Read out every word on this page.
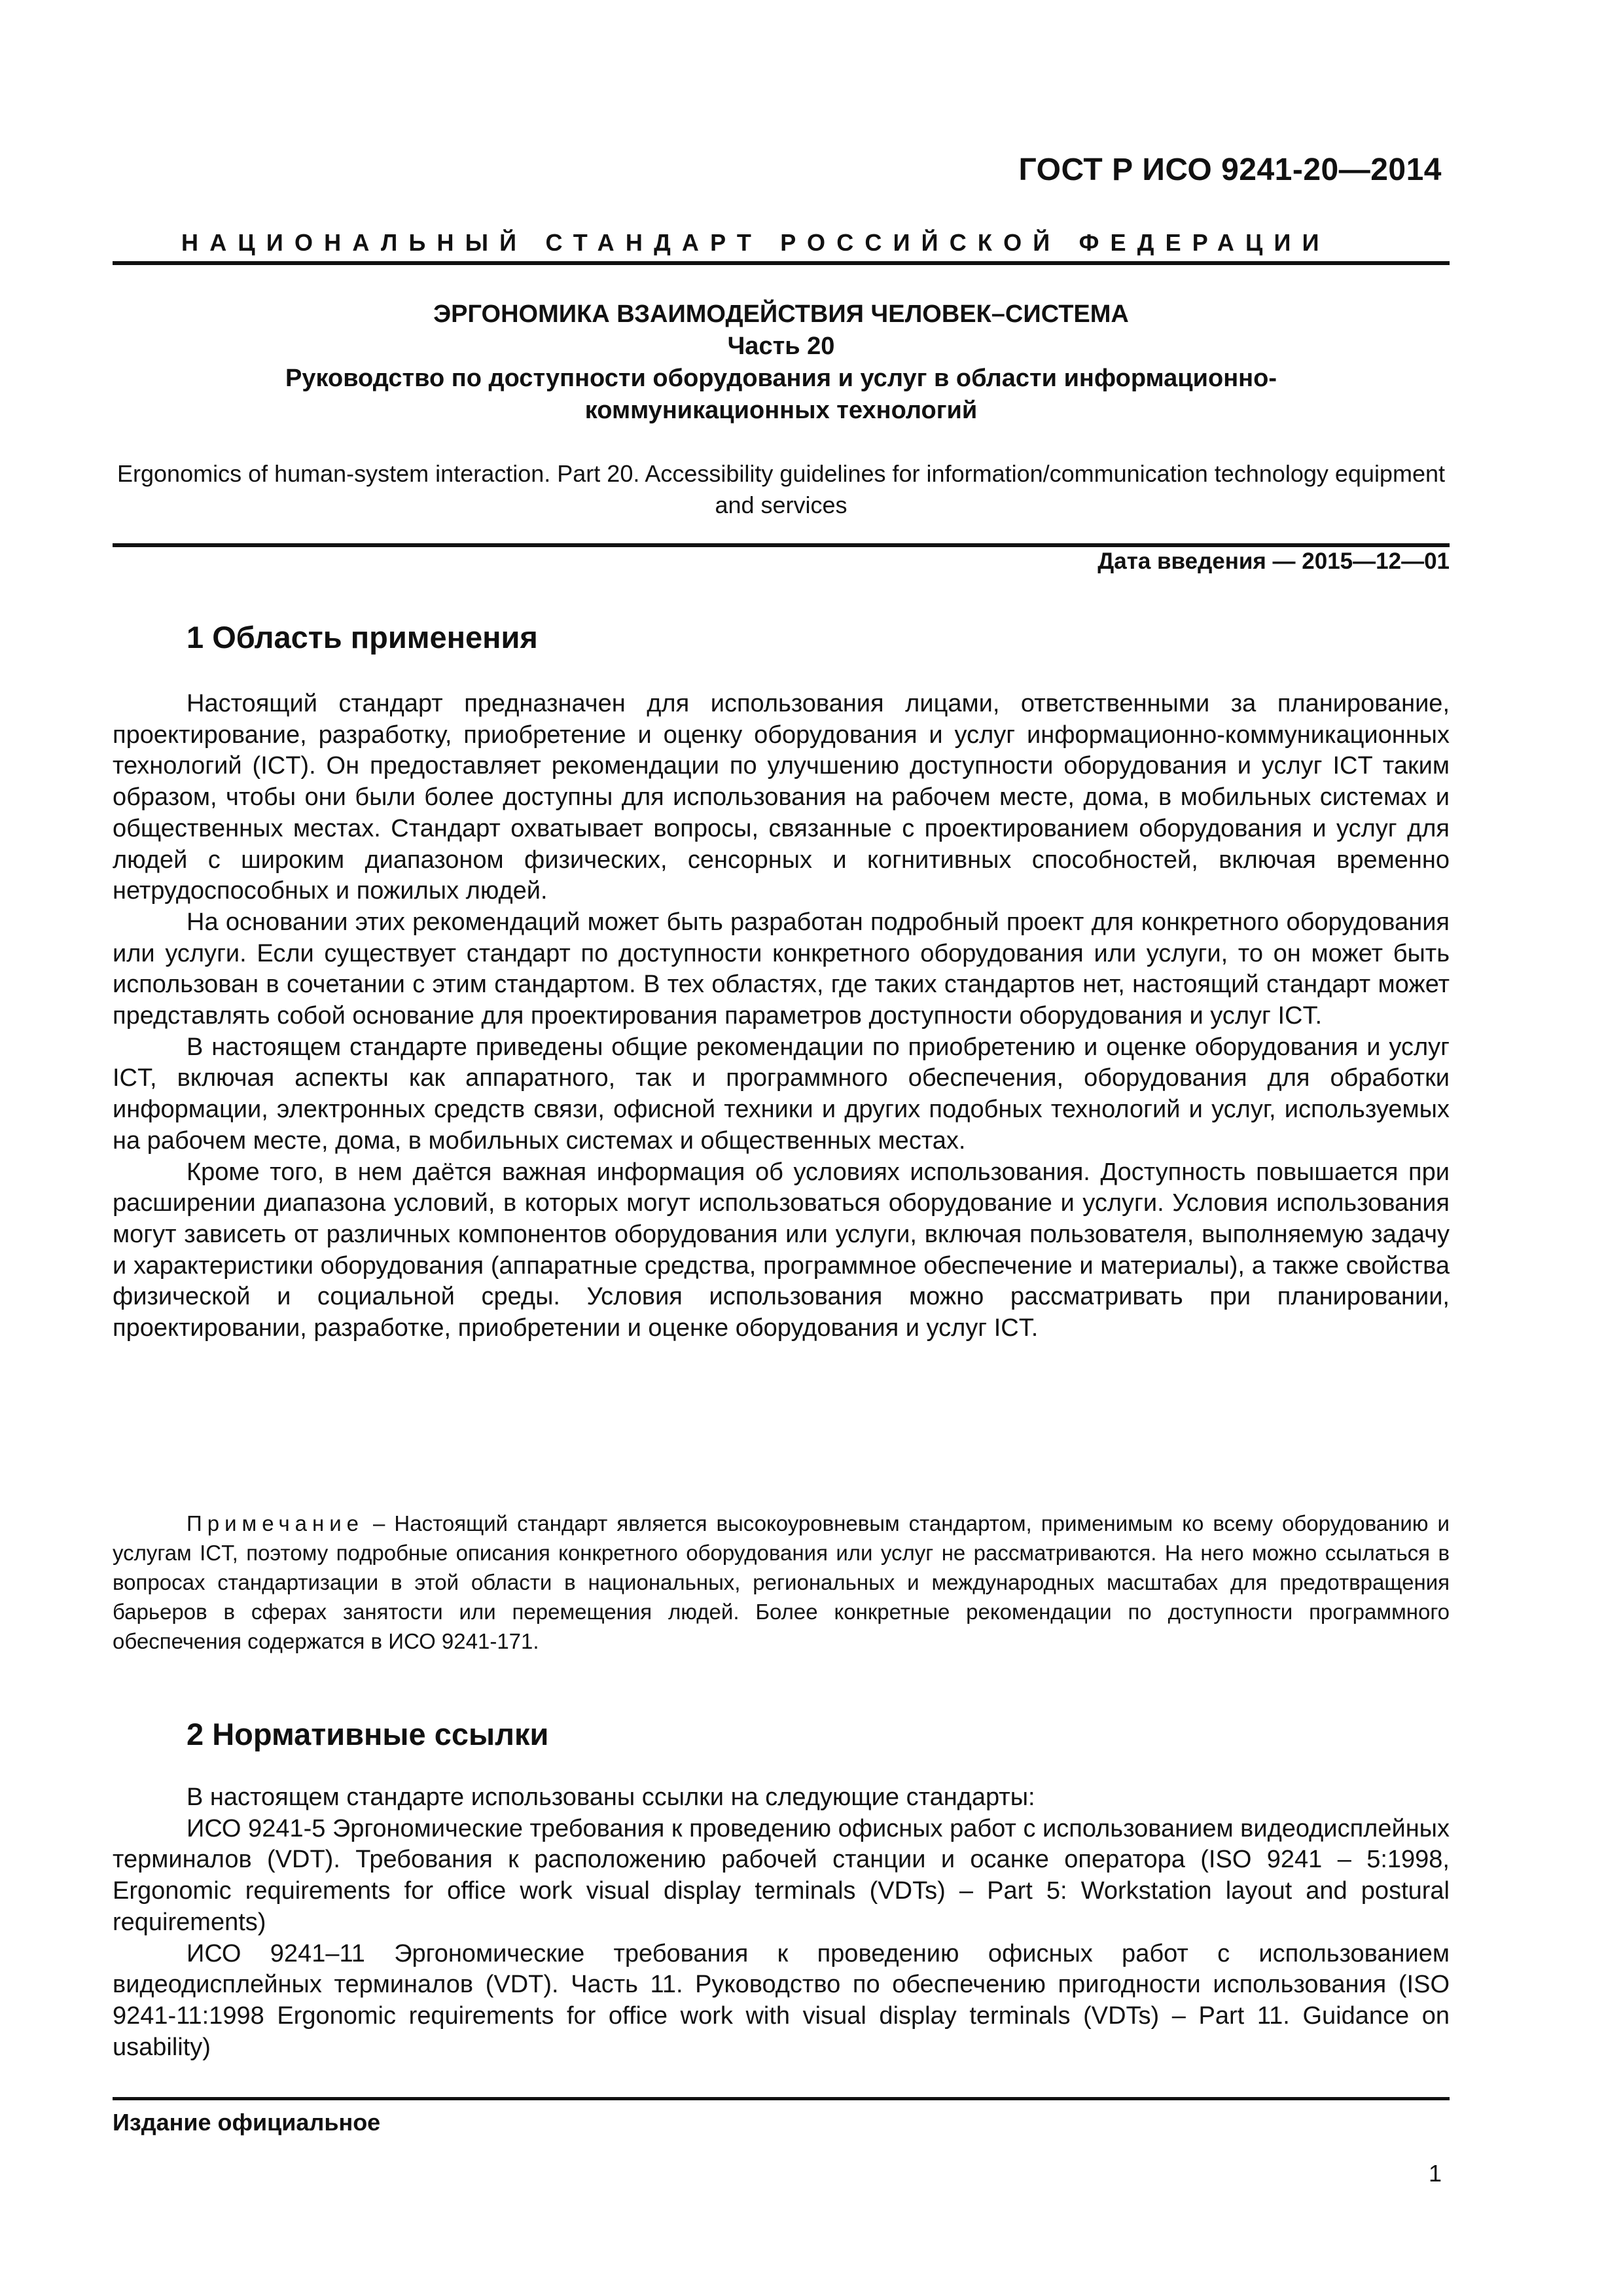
ГОСТ Р ИСО 9241-20—2014
НАЦИОНАЛЬНЫЙ СТАНДАРТ РОССИЙСКОЙ ФЕДЕРАЦИИ
ЭРГОНОМИКА ВЗАИМОДЕЙСТВИЯ ЧЕЛОВЕК–СИСТЕМА
Часть 20
Руководство по доступности оборудования и услуг в области информационно-
коммуникационных технологий
Ergonomics of human-system interaction. Part 20. Accessibility guidelines for information/communication technology equipment and services
Дата введения — 2015—12—01
1 Область применения

Настоящий стандарт предназначен для использования лицами, ответственными за планирование, проектирование, разработку, приобретение и оценку оборудования и услуг информационно-коммуникационных технологий (ICT). Он предоставляет рекомендации по улучшению доступности оборудования и услуг ICT таким образом, чтобы они были более доступны для использования на рабочем месте, дома, в мобильных системах и общественных местах. Стандарт охватывает вопросы, связанные с проектированием оборудования и услуг для людей с широким диапазоном физических, сенсорных и когнитивных способностей, включая временно нетрудоспособных и пожилых людей.

На основании этих рекомендаций может быть разработан подробный проект для конкретного оборудования или услуги. Если существует стандарт по доступности конкретного оборудования или услуги, то он может быть использован в сочетании с этим стандартом. В тех областях, где таких стандартов нет, настоящий стандарт может представлять собой основание для проектирования параметров доступности оборудования и услуг ICT.

В настоящем стандарте приведены общие рекомендации по приобретению и оценке оборудования и услуг ICT, включая аспекты как аппаратного, так и программного обеспечения, оборудования для обработки информации, электронных средств связи, офисной техники и других подобных технологий и услуг, используемых на рабочем месте, дома, в мобильных системах и общественных местах.

Кроме того, в нем даётся важная информация об условиях использования. Доступность повышается при расширении диапазона условий, в которых могут использоваться оборудование и услуги. Условия использования могут зависеть от различных компонентов оборудования или услуги, включая пользователя, выполняемую задачу и характеристики оборудования (аппаратные средства, программное обеспечение и материалы), а также свойства физической и социальной среды. Условия использования можно рассматривать при планировании, проектировании, разработке, приобретении и оценке оборудования и услуг ICT.

Примечание – Настоящий стандарт является высокоуровневым стандартом, применимым ко всему оборудованию и услугам ICT, поэтому подробные описания конкретного оборудования или услуг не рассматриваются. На него можно ссылаться в вопросах стандартизации в этой области в национальных, региональных и международных масштабах для предотвращения барьеров в сферах занятости или перемещения людей. Более конкретные рекомендации по доступности программного обеспечения содержатся в ИСО 9241-171.
2 Нормативные ссылки

В настоящем стандарте использованы ссылки на следующие стандарты:

ИСО 9241-5 Эргономические требования к проведению офисных работ с использованием видеодисплейных терминалов (VDT). Требования к расположению рабочей станции и осанке оператора (ISO 9241 – 5:1998, Ergonomic requirements for office work visual display terminals (VDTs) – Part 5: Workstation layout and postural requirements)

ИСО 9241–11 Эргономические требования к проведению офисных работ с использованием видеодисплейных терминалов (VDT). Часть 11. Руководство по обеспечению пригодности использования (ISO 9241-11:1998 Ergonomic requirements for office work with visual display terminals (VDTs) – Part 11. Guidance on usability)

Издание официальное
1
